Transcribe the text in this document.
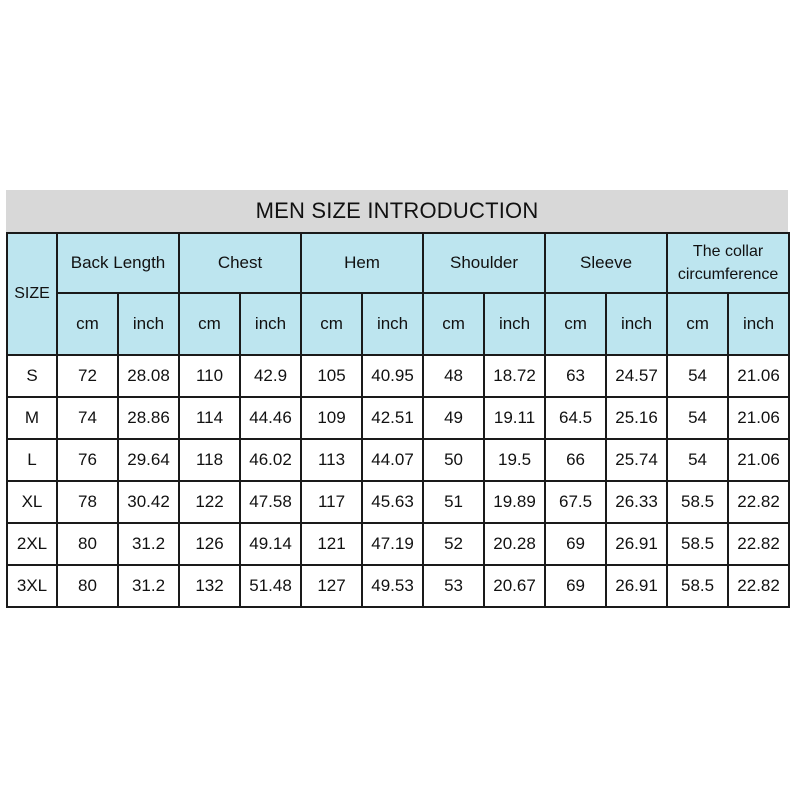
MEN SIZE INTRODUCTION
SIZE	Back Length		Chest		Hem		Shoulder		Sleeve		The collar
circumference	
	cm	inch	cm	inch	cm	inch	cm	inch	cm	inch	cm	inch
S	72	28.08	110	42.9	105	40.95	48	18.72	63	24.57	54	21.06
M	74	28.86	114	44.46	109	42.51	49	19.11	64.5	25.16	54	21.06
L	76	29.64	118	46.02	113	44.07	50	19.5	66	25.74	54	21.06
XL	78	30.42	122	47.58	117	45.63	51	19.89	67.5	26.33	58.5	22.82
2XL	80	31.2	126	49.14	121	47.19	52	20.28	69	26.91	58.5	22.82
3XL	80	31.2	132	51.48	127	49.53	53	20.67	69	26.91	58.5	22.82
